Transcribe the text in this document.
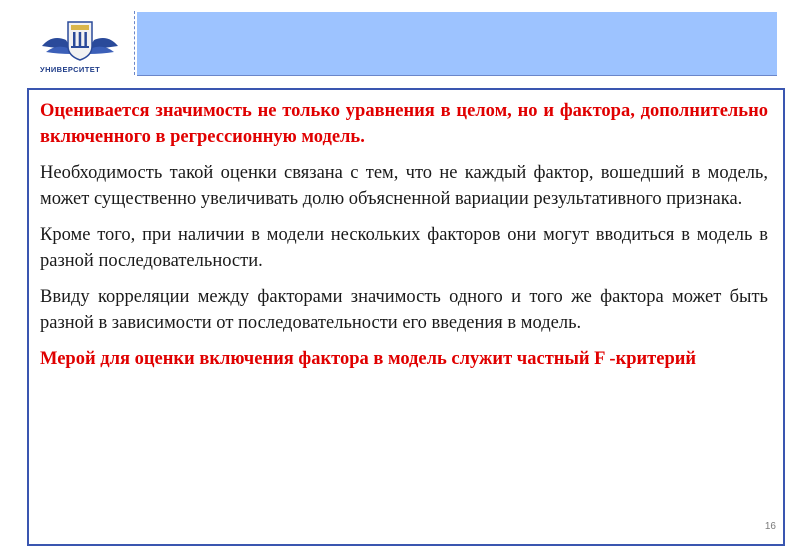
УНИВЕРСИТЕТ

Оценивается значимость не только уравнения в целом, но и фактора, дополнительно включенного в регрессионную модель.

Необходимость такой оценки связана с тем, что не каждый фактор, вошедший в модель, может существенно увеличивать долю объясненной вариации результативного признака.

Кроме того, при наличии в модели нескольких факторов они могут вводиться в модель в разной последовательности.

Ввиду корреляции между факторами значимость одного и того же фактора может быть разной в зависимости от последовательности его введения в модель.

Мерой для оценки включения фактора в модель служит частный F -критерий

16
